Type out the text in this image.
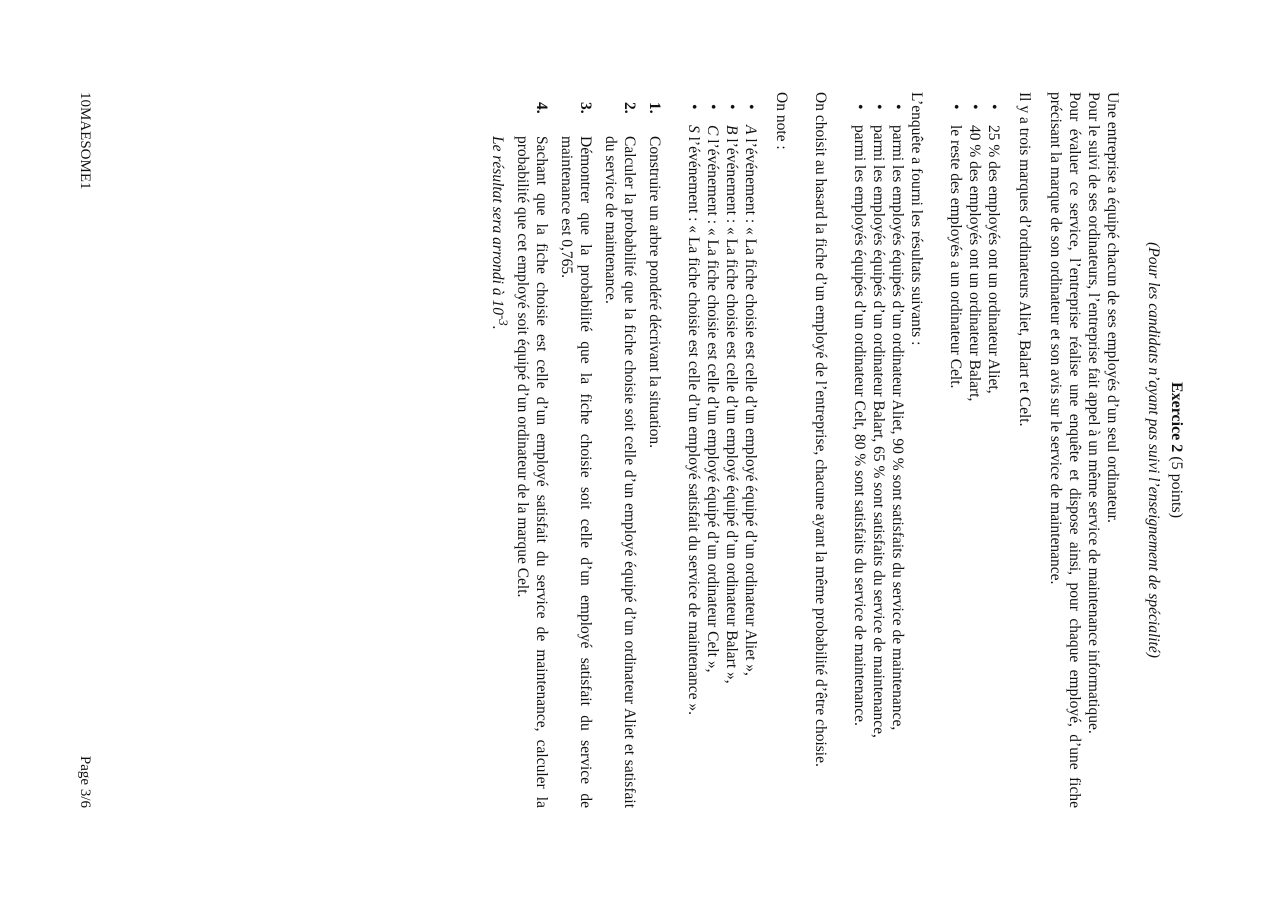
Exercice 2 (5 points)
(Pour les candidats n’ayant pas suivi l’enseignement de spécialité)

Une entreprise a équipé chacun de ses employés d’un seul ordinateur.

Pour le suivi de ses ordinateurs, l’entreprise fait appel à un même service de maintenance informatique.

Pour évaluer ce service, l’entreprise réalise une enquête et dispose ainsi, pour chaque employé, d’une fiche précisant la marque de son ordinateur et son avis sur le service de maintenance.

Il y a trois marques d’ordinateurs Aliet, Balart et Celt.

• 25 % des employés ont un ordinateur Aliet,
• 40 % des employés ont un ordinateur Balart,
• le reste des employés a un ordinateur Celt.

L’enquête a fourni les résultats suivants :

• parmi les employés équipés d’un ordinateur Aliet, 90 % sont satisfaits du service de maintenance,
• parmi les employés équipés d’un ordinateur Balart, 65 % sont satisfaits du service de maintenance,
• parmi les employés équipés d’un ordinateur Celt, 80 % sont satisfaits du service de maintenance.

On choisit au hasard la fiche d’un employé de l’entreprise, chacune ayant la même probabilité d’être choisie.

On note :

• A l’événement : « La fiche choisie est celle d’un employé équipé d’un ordinateur Aliet »,
• B l’événement : « La fiche choisie est celle d’un employé équipé d’un ordinateur Balart »,
• C l’événement : « La fiche choisie est celle d’un employé équipé d’un ordinateur Celt »,
• S l’événement : « La fiche choisie est celle d’un employé satisfait du service de maintenance ».
1.
Construire un arbre pondéré décrivant la situation.
2.
Calculer la probabilité que la fiche choisie soit celle d’un employé équipé d’un ordinateur Aliet et satisfait du service de maintenance.
3.
Démontrer que la probabilité que la fiche choisie soit celle d’un employé satisfait du service de maintenance est 0,765.
4.
Sachant que la fiche choisie est celle d’un employé satisfait du service de maintenance, calculer la probabilité que cet employé soit équipé d’un ordinateur de la marque Celt.
Le résultat sera arrondi à $10^{-3}$.
10MAESOME1
Page 3/6
